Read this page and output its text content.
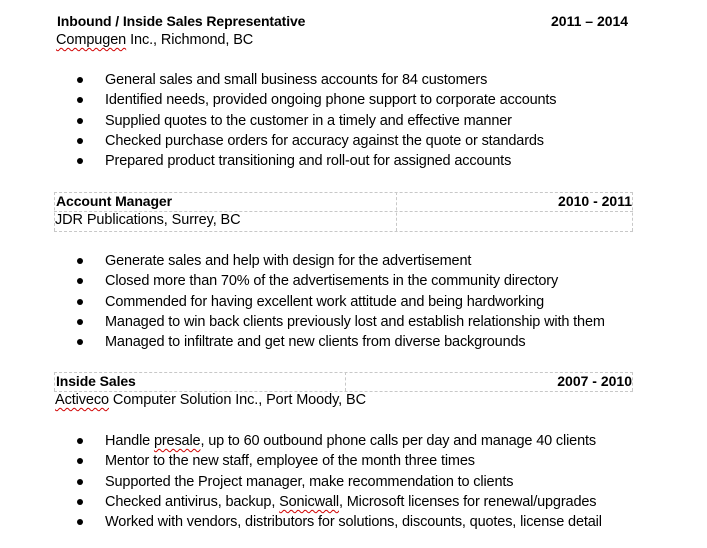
Inbound / Inside Sales Representative	2011 – 2014
Compugen Inc., Richmond, BC
General sales and small business accounts for 84 customers
Identified needs, provided ongoing phone support to corporate accounts
Supplied quotes to the customer in a timely and effective manner
Checked purchase orders for accuracy against the quote or standards
Prepared product transitioning and roll-out for assigned accounts
Account Manager	2010 - 2011
JDR Publications, Surrey, BC
Generate sales and help with design for the advertisement
Closed more than 70% of the advertisements in the community directory
Commended for having excellent work attitude and being hardworking
Managed to win back clients previously lost and establish relationship with them
Managed to infiltrate and get new clients from diverse backgrounds
Inside Sales	2007 - 2010
Activeco Computer Solution Inc., Port Moody, BC
Handle presale, up to 60 outbound phone calls per day and manage 40 clients
Mentor to the new staff, employee of the month three times
Supported the Project manager, make recommendation to clients
Checked antivirus, backup, Sonicwall, Microsoft licenses for renewal/upgrades
Worked with vendors, distributors for solutions, discounts, quotes, license detail
